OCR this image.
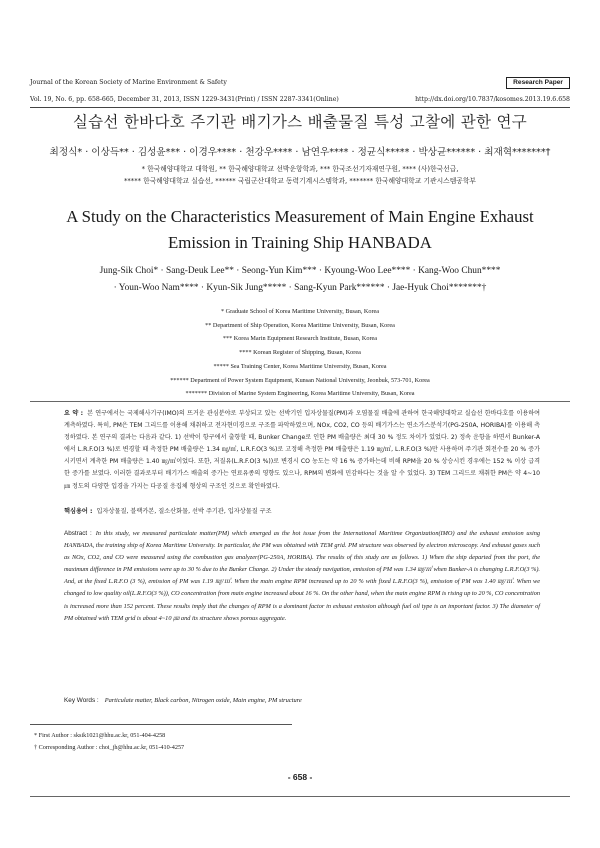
Journal of the Korean Society of Marine Environment & Safety	Research Paper
Vol. 19, No. 6, pp. 658-665, December 31, 2013, ISSN 1229-3431(Print) / ISSN 2287-3341(Online)	http://dx.doi.org/10.7837/kosomes.2013.19.6.658
실습선 한바다호 주기관 배기가스 배출물질 특성 고찰에 관한 연구
최정식* · 이상득** · 김성윤*** · 이경우**** · 천강우**** · 남연우**** · 정균식***** · 박상균****** · 최재혁*******†
* 한국해양대학교 대학원, ** 한국해양대학교 선박운항학과, *** 한국조선기자재연구원, **** (사)한국선급,
***** 한국해양대학교 실습선, ****** 국립군산대학교 동력기계시스템학과, ******* 한국해양대학교 기관시스템공학부
A Study on the Characteristics Measurement of Main Engine Exhaust
Emission in Training Ship HANBADA
Jung-Sik Choi* · Sang-Deuk Lee** · Seong-Yun Kim*** · Kyoung-Woo Lee**** · Kang-Woo Chun****
· Youn-Woo Nam**** · Kyun-Sik Jung***** · Sang-Kyun Park****** · Jae-Hyuk Choi*******†
* Graduate School of Korea Maritime University, Busan, Korea
** Department of Ship Operation, Korea Maritime University, Busan, Korea
*** Korea Marin Equipment Research Institute, Busan, Korea
**** Korean Register of Shipping, Busan, Korea
***** Sea Training Center, Korea Maritime University, Busan, Korea
****** Department of Power System Equipment, Kunsan National University, Jeonbuk, 573-701, Korea
******* Division of Marine System Engineering, Korea Maritime University, Busan, Korea
요 약 : 본 연구에서는 국제해사기구(IMO)의 뜨거운 관심분야로 부상되고 있는 선박기인 입자상물질(PM)과 오염물질 배출에 관하여 한국해양대학교 실습선 한바다호를 이용하여 계측하였다. 특히, PM은 TEM 그리드를 이용해 채취하고 전자현미경으로 구조를 파악하였으며, NOx, CO2, CO 등의 배기가스는 연소가스분석기(PG-250A, HORIBA)를 이용해 측정하였다. 본 연구의 결과는 다음과 같다. 1) 선박이 항구에서 출항할 때, Bunker Change로 인한 PM 배출량은 최대 30 % 정도 차이가 있었다. 2) 정속 운항을 하면서 Bunker-A에서 L.R.F.O(3 %)로 변경할 때 측정한 PM 배출량은 1.34 ㎎/㎥, L.R.F.O(3 %)로 고정해 측정한 PM 배출량은 1.19 ㎎/㎥, L.R.F.O(3 %)만 사용하며 주기관 회전수를 20 % 증가시키면서 계측한 PM 배출량은 1.40 ㎎/㎥이었다. 또한, 저질유(L.R.F.O(3 %))로 변경시 CO 농도는 약 16 % 증가하는데 비해 RPM을 20 % 상승시킨 경우에는 152 % 이상 급격한 증가를 보였다. 이러한 결과로부터 배기가스 배출의 증가는 연료유종의 영향도 있으나, RPM의 변화에 민감하다는 것을 알 수 있었다. 3) TEM 그리드로 채취한 PM은 약 4~10 ㎛ 정도의 다양한 입경을 가지는 다공질 응집체 형상의 구조인 것으로 확인하였다.
핵심용어 : 입자상물질, 블랙카본, 질소산화물, 선박 주기관, 입자상물질 구조
Abstract : In this study, we measured particulate matter(PM) which emerged as the hot issue from the International Maritime Organization(IMO) and the exhaust emission using HANBADA, the training ship of Korea Maritime University. In particular, the PM was obtained with TEM grid. PM structure was observed by electron microscopy. And exhaust gases such as NOx, CO2, and CO were measured using the combustion gas analyzer(PG-250A, HORIBA). The results of this study are as follows. 1) When the ship departed from the port, the maximum difference in PM emissions were up to 30 % due to the Bunker Change. 2) Under the steady navigation, emission of PM was 1.34 ㎎/㎥ when Bunker-A is changing L.R.F.O(3 %). And, at the fixed L.R.F.O (3 %), emission of PM was 1.19 ㎎/㎥. When the main engine RPM increased up to 20 % with fixed L.R.F.O(3 %), emission of PM was 1.40 ㎎/㎥. When we changed to low quality oil(L.R.F.O(3 %)), CO concentration from main engine increased about 16 %. On the other hand, when the main engine RPM is rising up to 20 %, CO concentration is increased more than 152 percent. These results imply that the changes of RPM is a dominant factor in exhaust emission although fuel oil type is an important factor. 3) The diameter of PM obtained with TEM grid is about 4~10 ㎛ and its structure shows porous aggregate.
Key Words : Particulate matter, Black carbon, Nitrogen oxide, Main engine, PM structure
* First Author : sksik1021@hhu.ac.kr, 051-404-4258
† Corresponding Author : choi_jh@hhu.ac.kr, 051-410-4257
- 658 -
